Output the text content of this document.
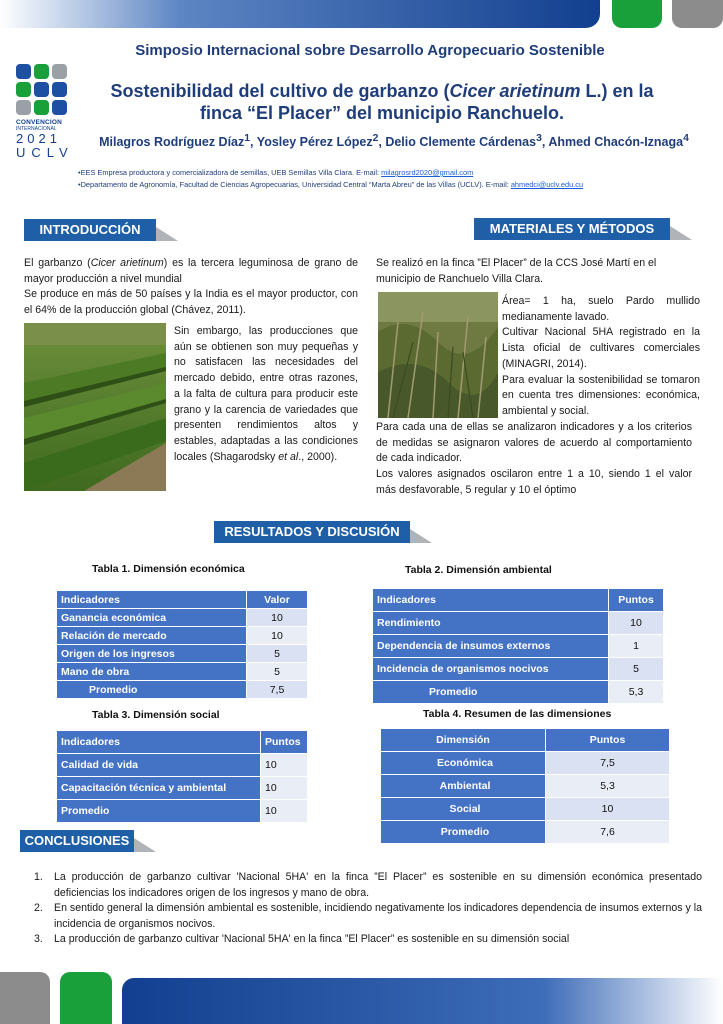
CONVENCION
INTERNACIONAL
2021
UCLV
Simposio Internacional sobre Desarrollo Agropecuario Sostenible
Sostenibilidad del cultivo de garbanzo (Cicer arietinum L.) en la finca “El Placer” del municipio Ranchuelo.
Milagros Rodríguez Díaz$^1$, Yosley Pérez López$^2$, Delio Clemente Cárdenas$^3$, Ahmed Chacón-Iznaga$^4$
•EES Empresa productora y comercializadora de semillas, UEB Semillas Villa Clara. E-mail: milagrosrd2020@gmail.com
•Departamento de Agronomía, Facultad de Ciencias Agropecuarias, Universidad Central “Marta Abreu” de las Villas (UCLV). E-mail: ahmedci@uclv.edu.cu
INTRODUCCIÓN	MATERIALES Y MÉTODOS
RESULTADOS Y DISCUSIÓN
CONCLUSIONES
El garbanzo (Cicer arietinum) es la tercera leguminosa de grano de mayor producción a nivel mundial
Se produce en más de 50 países y la India es el mayor productor, con el 64% de la producción global (Chávez, 2011).
Sin embargo, las producciones que aún se obtienen son muy pequeñas y no satisfacen las necesidades del mercado debido, entre otras razones, a la falta de cultura para producir este grano y la carencia de variedades que presenten rendimientos altos y estables, adaptadas a las condiciones locales (Shagarodsky et al., 2000).
Se realizó en la finca ”El Placer” de la CCS José Martí en el municipio de Ranchuelo Villa Clara.
Área= 1 ha, suelo Pardo mullido medianamente lavado.
Cultivar Nacional 5HA registrado en la Lista oficial de cultivares comerciales (MINAGRI, 2014).
Para evaluar la sostenibilidad se tomaron en cuenta tres dimensiones: económica, ambiental y social.
Para cada una de ellas se analizaron indicadores y a los criterios de medidas se asignaron valores de acuerdo al comportamiento de cada indicador.
Los valores asignados oscilaron entre 1 a 10, siendo 1 el valor más desfavorable, 5 regular y 10 el óptimo
Tabla 1. Dimensión económica
Indicadores	Valor
Ganancia económica	10
Relación de mercado	10
Origen de los ingresos	5
Mano de obra	5
Promedio	7,5
Tabla 2. Dimensión ambiental
Indicadores	Puntos
Rendimiento	10
Dependencia de insumos externos	1
Incidencia de organismos nocivos	5
Promedio	5,3
Tabla 3. Dimensión social
Indicadores	Puntos
Calidad de vida	10
Capacitación técnica y ambiental	10
Promedio	10
Tabla 4. Resumen de las dimensiones
Dimensión	Puntos
Económica	7,5
Ambiental	5,3
Social	10
Promedio	7,6
1. La producción de garbanzo cultivar 'Nacional 5HA' en la finca ”El Placer” es sostenible en su dimensión económica presentado deficiencias los indicadores origen de los ingresos y mano de obra.
2. En sentido general la dimensión ambiental es sostenible, incidiendo negativamente los indicadores dependencia de insumos externos y la incidencia de organismos nocivos.
3. La producción de garbanzo cultivar 'Nacional 5HA' en la finca ”El Placer” es sostenible en su dimensión social
